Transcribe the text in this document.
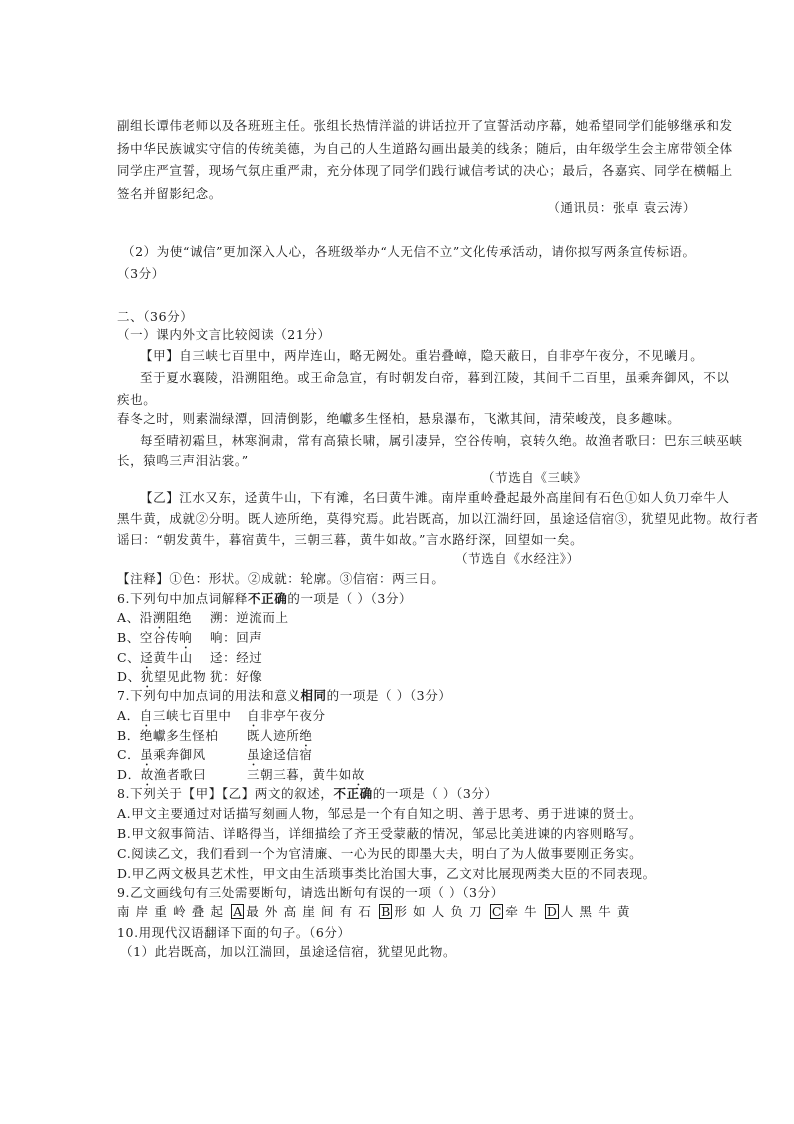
副组长谭伟老师以及各班班主任。张组长热情洋溢的讲话拉开了宣誓活动序幕，她希望同学们能够继承和发
扬中华民族诚实守信的传统美德，为自己的人生道路勾画出最美的线条；随后，由年级学生会主席带领全体
同学庄严宣誓，现场气氛庄重严肃，充分体现了同学们践行诚信考试的决心；最后，各嘉宾、同学在横幅上
签名并留影纪念。
（通讯员：张卓 袁云涛）
（2）为使“诚信”更加深入人心，各班级举办“人无信不立”文化传承活动，请你拟写两条宣传标语。
（3分）
二、（36分）
（一）课内外文言比较阅读（21分）
【甲】自三峡七百里中，两岸连山，略无阙处。重岩叠嶂，隐天蔽日，自非亭午夜分，不见曦月。
至于夏水襄陵，沿溯阻绝。或王命急宣，有时朝发白帝，暮到江陵，其间千二百里，虽乘奔御风，不以
疾也。
春冬之时，则素湍绿潭，回清倒影，绝巘多生怪柏，悬泉瀑布，飞漱其间，清荣峻茂，良多趣味。
每至晴初霜旦，林寒涧肃，常有高猿长啸，属引凄异，空谷传响，哀转久绝。故渔者歌曰：巴东三峡巫峡
长，猿鸣三声泪沾裳。”
（节选自《三峡》
【乙】江水又东，迳黄牛山，下有滩，名曰黄牛滩。南岸重岭叠起最外高崖间有石色①如人负刀牵牛人
黑牛黄，成就②分明。既人迹所绝，莫得究焉。此岩既高，加以江湍纡回，虽途迳信宿③，犹望见此物。故行者
谣曰：“朝发黄牛，暮宿黄牛，三朝三暮，黄牛如故。”言水路纡深，回望如一矣。
（节选自《水经注》）
【注释】①色：形状。②成就：轮廓。③信宿：两三日。
6.下列句中加点词解释不正确的一项是（ ）（3分）
A、沿溯阻绝 溯：逆流而上
B、空谷传响 响：回声
C、迳黄牛山 迳：经过
D、犹望见此物 犹：好像
7.下列句中加点词的用法和意义相同的一项是（ ）（3分）
A．自三峡七百里中 自非亭午夜分
B．绝巘多生怪柏 既人迹所绝
C．虽乘奔御风	虽途迳信宿
D．故渔者歌曰	三朝三暮，黄牛如故
8.下列关于【甲】【乙】两文的叙述，不正确的一项是（ ）（3分）
A.甲文主要通过对话描写刻画人物，邹忌是一个有自知之明、善于思考、勇于进谏的贤士。
B.甲文叙事简洁、详略得当，详细描绘了齐王受蒙蔽的情况，邹忌比美进谏的内容则略写。
C.阅读乙文，我们看到一个为官清廉、一心为民的即墨大夫，明白了为人做事要刚正务实。
D.甲乙两文极具艺术性，甲文由生活琐事类比治国大事，乙文对比展现两类大臣的不同表现。
9.乙文画线句有三处需要断句，请选出断句有误的一项（ ）（3分）
南岸重岭叠起 A 最外高崖间有石 B 形如人负刀 C 牵牛 D 人黑牛黄
10.用现代汉语翻译下面的句子。（6分）
（1）此岩既高，加以江湍回，虽途迳信宿，犹望见此物。
